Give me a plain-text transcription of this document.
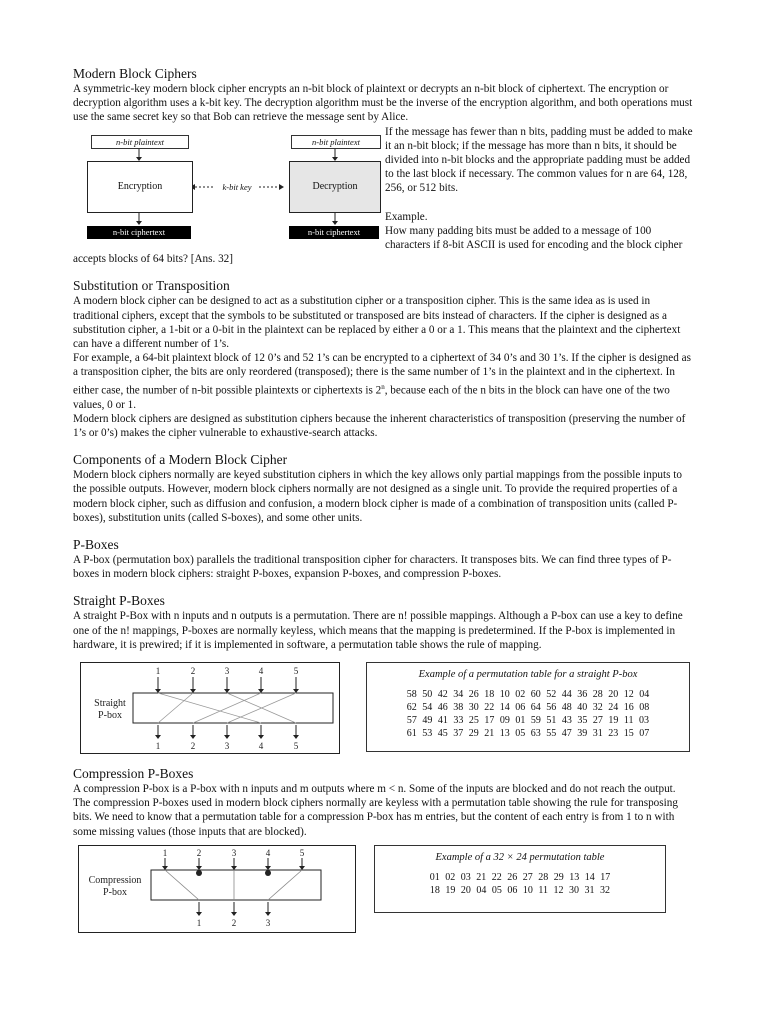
Modern Block Ciphers

A symmetric-key modern block cipher encrypts an n-bit block of plaintext or decrypts an n-bit block of ciphertext. The encryption or decryption algorithm uses a k-bit key. The decryption algorithm must be the inverse of the encryption algorithm, and both operations must use the same secret key so that Bob can retrieve the message sent by Alice.

n-bit plaintext	n-bit plaintext
Encryption	k-bit key	Decryption
n-bit ciphertext	n-bit ciphertext

If the message has fewer than n bits, padding must be added to make it an n-bit block; if the message has more than n bits, it should be divided into n-bit blocks and the appropriate padding must be added to the last block if necessary. The common values for n are 64, 128, 256, or 512 bits.

Example.

How many padding bits must be added to a message of 100 characters if 8-bit ASCII is used for encoding and the block cipher accepts blocks of 64 bits? [Ans. 32]

Substitution or Transposition

A modern block cipher can be designed to act as a substitution cipher or a transposition cipher. This is the same idea as is used in traditional ciphers, except that the symbols to be substituted or transposed are bits instead of characters. If the cipher is designed as a substitution cipher, a 1-bit or a 0-bit in the plaintext can be replaced by either a 0 or a 1. This means that the plaintext and the ciphertext can have a different number of 1’s.

For example, a 64-bit plaintext block of 12 0’s and 52 1’s can be encrypted to a ciphertext of 34 0’s and 30 1’s. If the cipher is designed as a transposition cipher, the bits are only reordered (transposed); there is the same number of 1’s in the plaintext and in the ciphertext. In either case, the number of n-bit possible plaintexts or ciphertexts is 2$^n$, because each of the n bits in the block can have one of the two values, 0 or 1.

Modern block ciphers are designed as substitution ciphers because the inherent characteristics of transposition (preserving the number of 1’s or 0’s) makes the cipher vulnerable to exhaustive-search attacks.

Components of a Modern Block Cipher

Modern block ciphers normally are keyed substitution ciphers in which the key allows only partial mappings from the possible inputs to the possible outputs. However, modern block ciphers normally are not designed as a single unit. To provide the required properties of a modern block cipher, such as diffusion and confusion, a modern block cipher is made of a combination of transposition units (called P-boxes), substitution units (called S-boxes), and some other units.

P-Boxes

A P-box (permutation box) parallels the traditional transposition cipher for characters. It transposes bits. We can find three types of P-boxes in modern block ciphers: straight P-boxes, expansion P-boxes, and compression P-boxes.

Straight P-Boxes

A straight P-Box with n inputs and n outputs is a permutation. There are n! possible mappings. Although a P-box can use a key to define one of the n! mappings, P-boxes are normally keyless, which means that the mapping is predetermined. If the P-box is implemented in hardware, it is prewired; if it is implemented in software, a permutation table shows the rule of mapping.

1	2	3	4	5
1	2	3	4	5
Straight
P-box
Example of a permutation table for a straight P-box
58 50 42 34 26 18 10 02 60 52 44 36 28 20 12 04
62 54 46 38 30 22 14 06 64 56 48 40 32 24 16 08
57 49 41 33 25 17 09 01 59 51 43 35 27 19 11 03
61 53 45 37 29 21 13 05 63 55 47 39 31 23 15 07
Compression P-Boxes

A compression P-box is a P-box with n inputs and m outputs where m < n. Some of the inputs are blocked and do not reach the output. The compression P-boxes used in modern block ciphers normally are keyless with a permutation table showing the rule for transposing bits. We need to know that a permutation table for a compression P-box has m entries, but the content of each entry is from 1 to n with some missing values (those inputs that are blocked).

1	2	3	4	5
1	2	3
Compression
P-box
Example of a 32 × 24 permutation table
01 02 03 21 22 26 27 28 29 13 14 17
18 19 20 04 05 06 10 11 12 30 31 32
